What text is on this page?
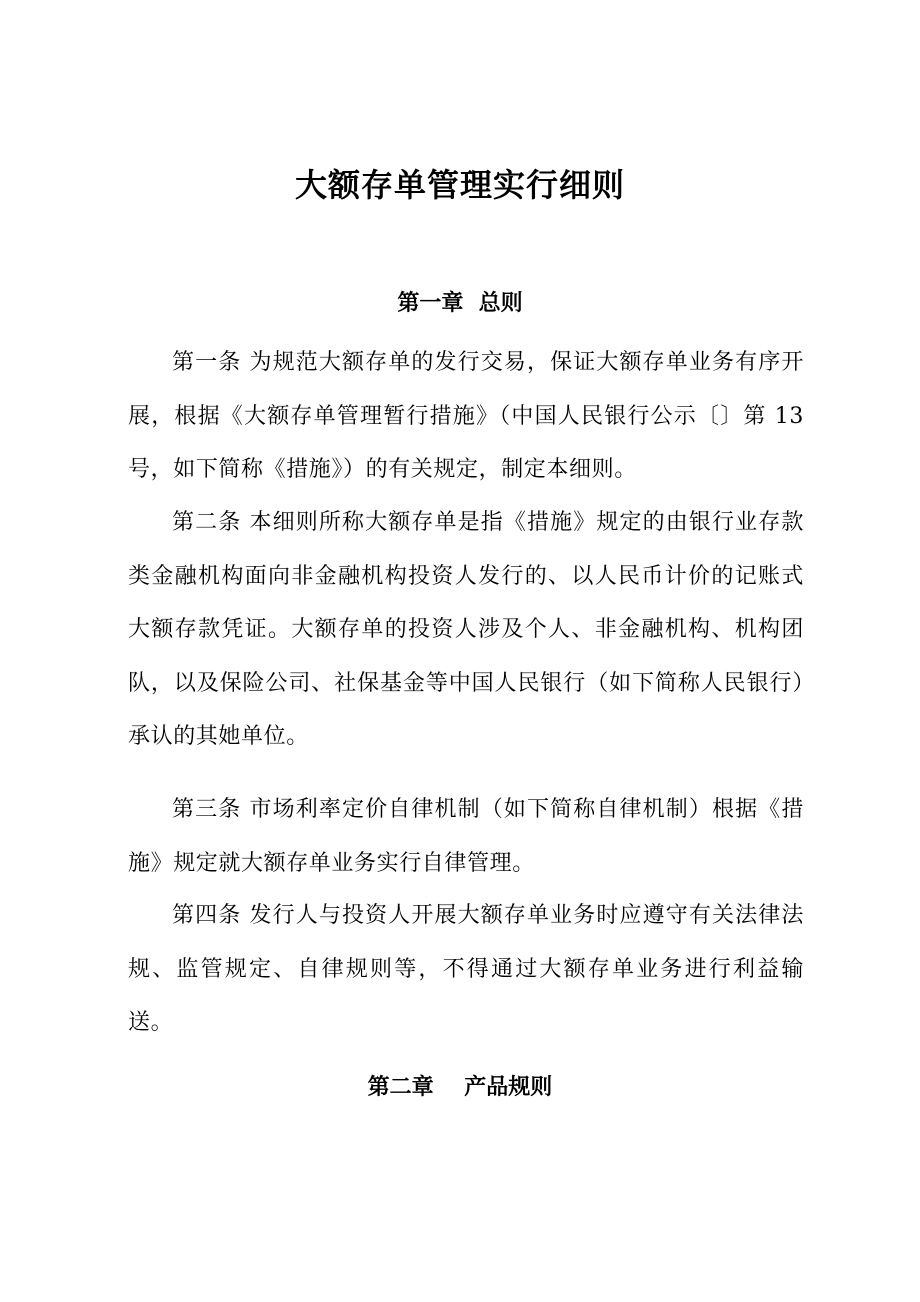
大额存单管理实行细则
第一章  总则

第一条 为规范大额存单的发行交易，保证大额存单业务有序开展，根据《大额存单管理暂行措施》（中国人民银行公示〔〕第 13 号，如下简称《措施》）的有关规定，制定本细则。

第二条 本细则所称大额存单是指《措施》规定的由银行业存款类金融机构面向非金融机构投资人发行的、以人民币计价的记账式大额存款凭证。大额存单的投资人涉及个人、非金融机构、机构团队，以及保险公司、社保基金等中国人民银行（如下简称人民银行）承认的其她单位。

第三条 市场利率定价自律机制（如下简称自律机制）根据《措施》规定就大额存单业务实行自律管理。

第四条 发行人与投资人开展大额存单业务时应遵守有关法律法规、监管规定、自律规则等，不得通过大额存单业务进行利益输送。

第二章    产品规则
